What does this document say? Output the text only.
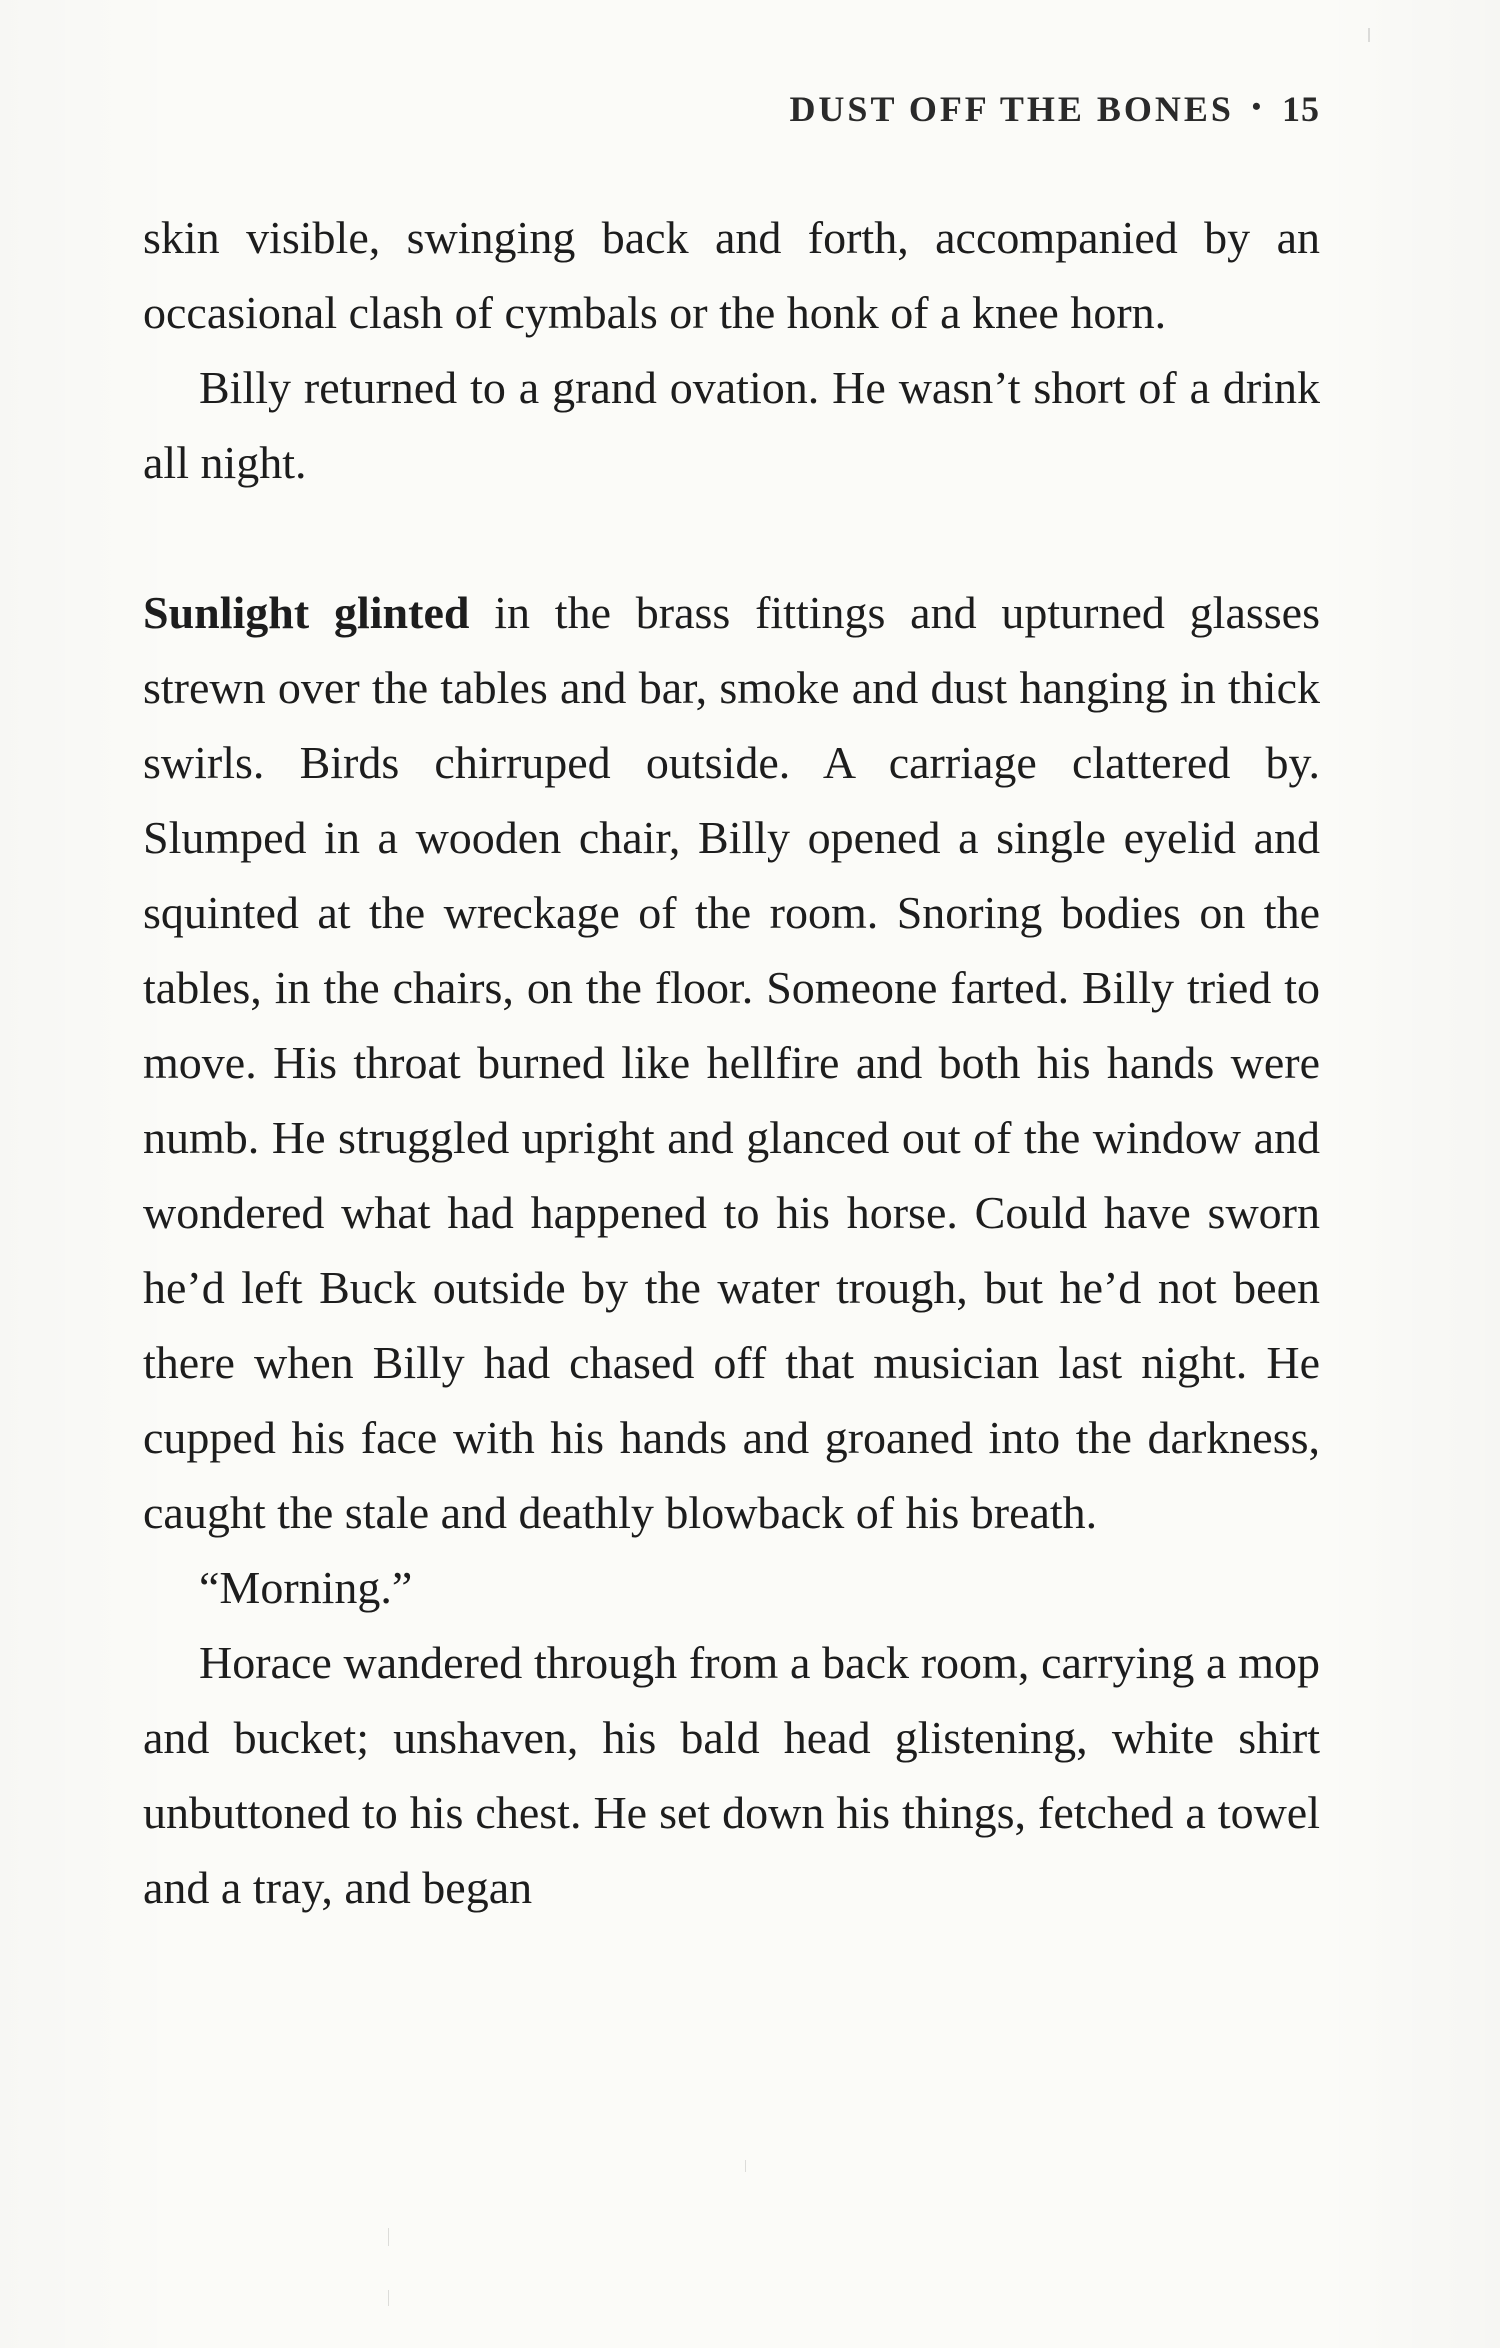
DUST OFF THE BONES • 15

skin visible, swinging back and forth, accompanied by an occasional clash of cymbals or the honk of a knee horn.

Billy returned to a grand ovation. He wasn’t short of a drink all night.

Sunlight glinted in the brass fittings and upturned glasses strewn over the tables and bar, smoke and dust hanging in thick swirls. Birds chirruped outside. A carriage clattered by. Slumped in a wooden chair, Billy opened a single eyelid and squinted at the wreckage of the room. Snoring bodies on the tables, in the chairs, on the floor. Someone farted. Billy tried to move. His throat burned like hellfire and both his hands were numb. He struggled upright and glanced out of the window and wondered what had happened to his horse. Could have sworn he’d left Buck outside by the water trough, but he’d not been there when Billy had chased off that musician last night. He cupped his face with his hands and groaned into the darkness, caught the stale and deathly blowback of his breath.

“Morning.”

Horace wandered through from a back room, carrying a mop and bucket; unshaven, his bald head glistening, white shirt unbuttoned to his chest. He set down his things, fetched a towel and a tray, and began
